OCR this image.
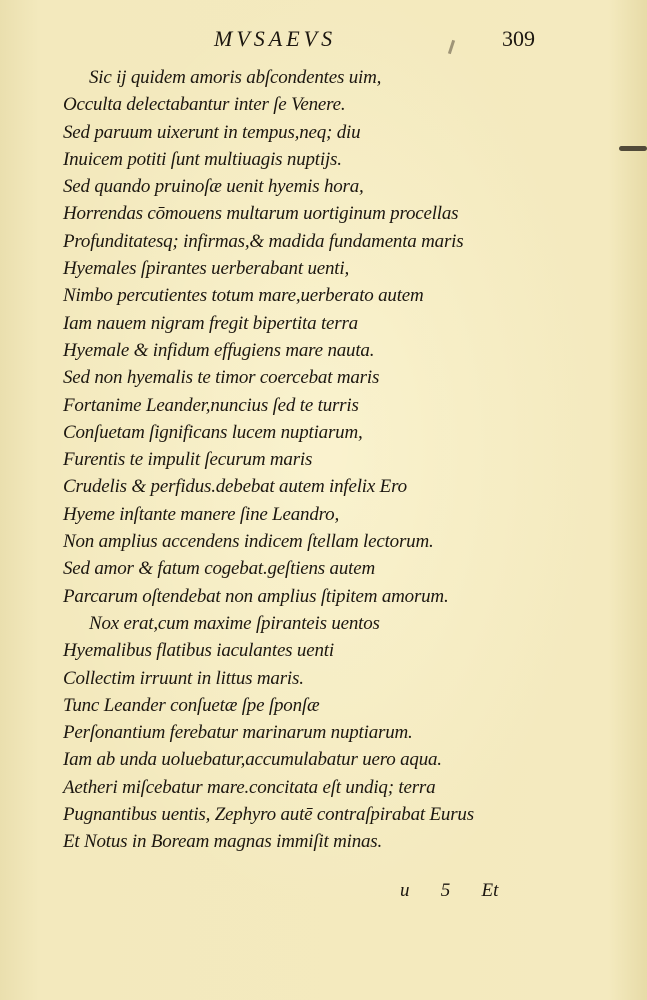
MVSAEVS	309
Sic ij quidem amoris abſcondentes uim,
Occulta delectabantur inter ſe Venere.
Sed paruum uixerunt in tempus,neq; diu
Inuicem potiti ſunt multiuagis nuptijs.
Sed quando pruinoſæ uenit hyemis hora,
Horrendas cōmouens multarum uortiginum procellas
Profunditatesq; infirmas,& madida fundamenta maris
Hyemales ſpirantes uerberabant uenti,
Nimbo percutientes totum mare,uerberato autem
Iam nauem nigram fregit bipertita terra
Hyemale & infidum effugiens mare nauta.
Sed non hyemalis te timor coercebat maris
Fortanime Leander,nuncius ſed te turris
Conſuetam ſignificans lucem nuptiarum,
Furentis te impulit ſecurum maris
Crudelis & perfidus.debebat autem infelix Ero
Hyeme inſtante manere ſine Leandro,
Non amplius accendens indicem ſtellam lectorum.
Sed amor & fatum cogebat.geſtiens autem
Parcarum oſtendebat non amplius ſtipitem amorum.
Nox erat,cum maxime ſpiranteis uentos
Hyemalibus flatibus iaculantes uenti
Collectim irruunt in littus maris.
Tunc Leander conſuetæ ſpe ſponſæ
Perſonantium ferebatur marinarum nuptiarum.
Iam ab unda uoluebatur,accumulabatur uero aqua.
Aetheri miſcebatur mare.concitata eſt undiq; terra
Pugnantibus uentis, Zephyro autē contraſpirabat Eurus
Et Notus in Boream magnas immiſit minas.
u 5 Et
